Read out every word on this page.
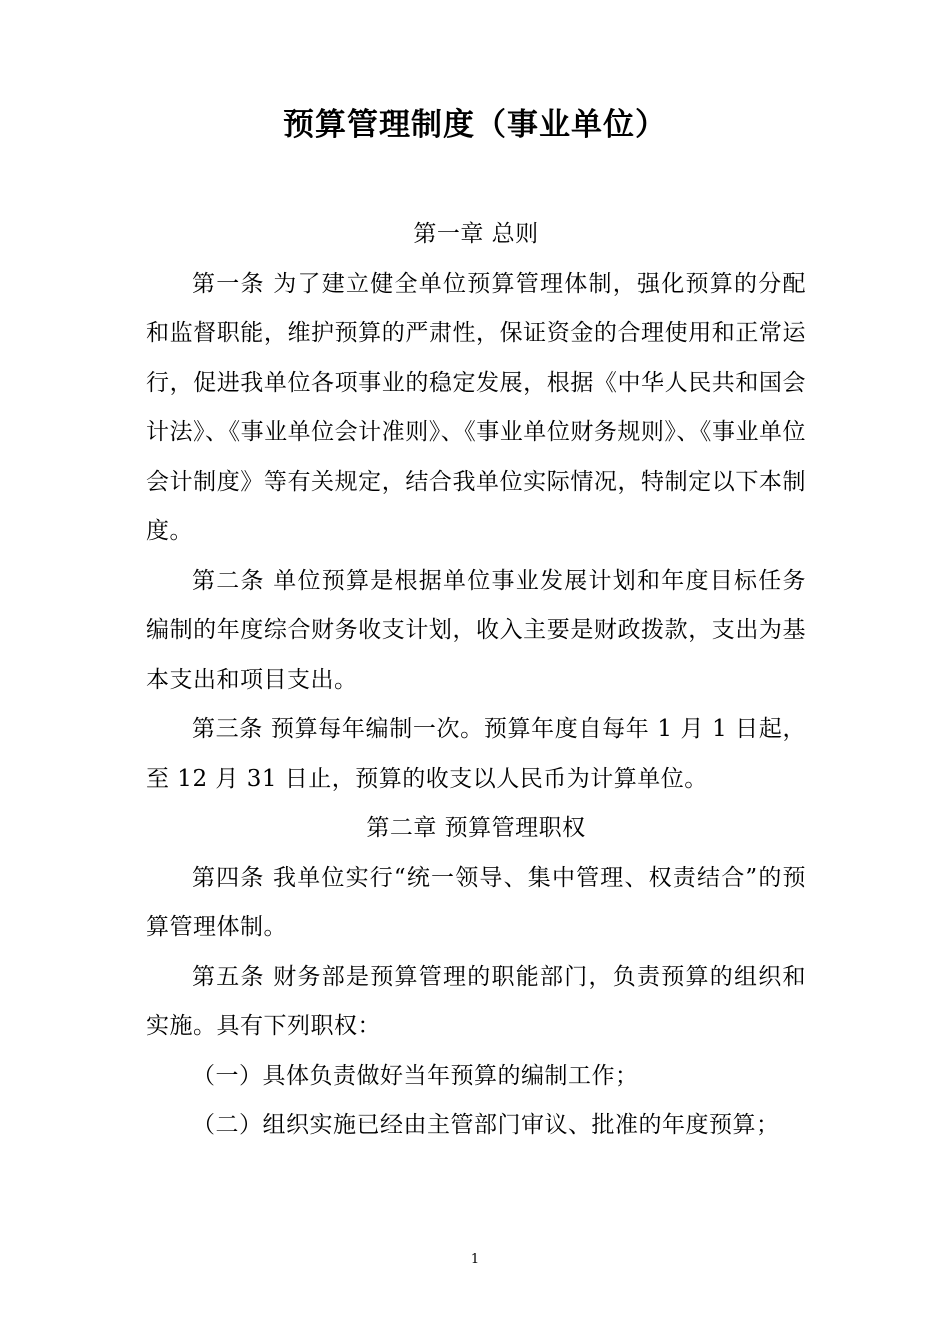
预算管理制度（事业单位）

第一章 总则

第一条 为了建立健全单位预算管理体制，强化预算的分配和监督职能，维护预算的严肃性，保证资金的合理使用和正常运行，促进我单位各项事业的稳定发展，根据《中华人民共和国会计法》、《事业单位会计准则》、《事业单位财务规则》、《事业单位会计制度》等有关规定，结合我单位实际情况，特制定以下本制度。

第二条 单位预算是根据单位事业发展计划和年度目标任务编制的年度综合财务收支计划，收入主要是财政拨款，支出为基本支出和项目支出。

第三条 预算每年编制一次。预算年度自每年 1 月 1 日起，至 12 月 31 日止，预算的收支以人民币为计算单位。

第二章 预算管理职权

第四条 我单位实行“统一领导、集中管理、权责结合”的预算管理体制。

第五条 财务部是预算管理的职能部门，负责预算的组织和实施。具有下列职权：

（一）具体负责做好当年预算的编制工作；

（二）组织实施已经由主管部门审议、批准的年度预算；

1
